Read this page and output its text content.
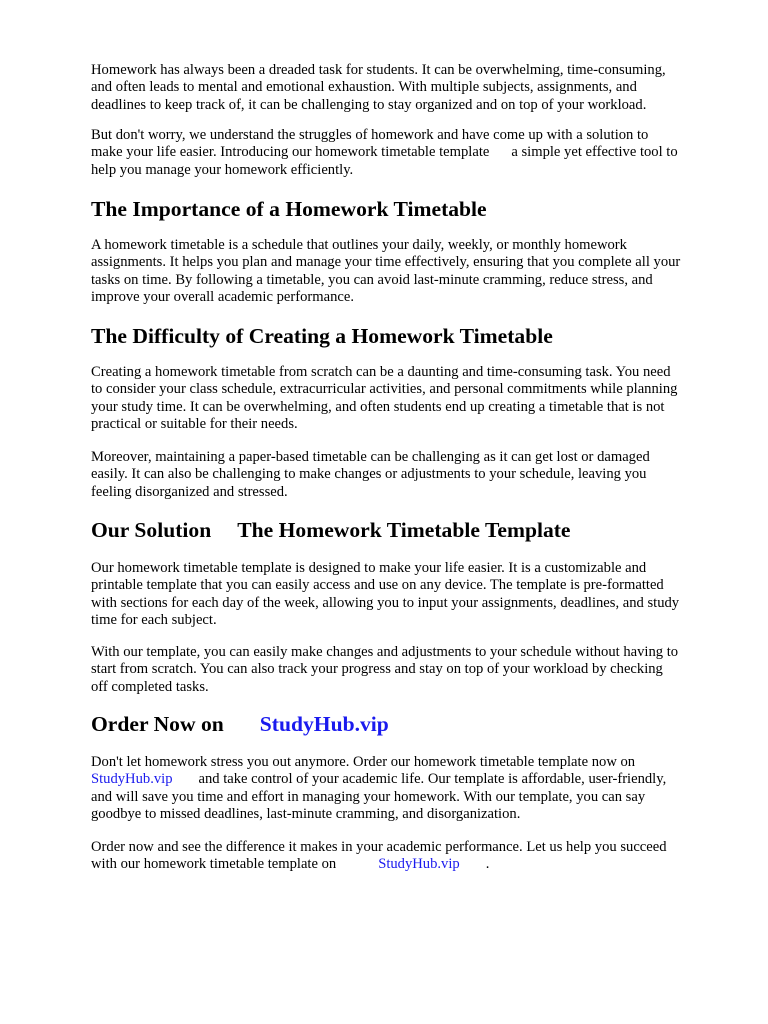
Homework has always been a dreaded task for students. It can be overwhelming, time-consuming,
and often leads to mental and emotional exhaustion. With multiple subjects, assignments, and
deadlines to keep track of, it can be challenging to stay organized and on top of your workload.

But don't worry, we understand the struggles of homework and have come up with a solution to
make your life easier. Introducing our homework timetable template a simple yet effective tool to
help you manage your homework efficiently.

The Importance of a Homework Timetable

A homework timetable is a schedule that outlines your daily, weekly, or monthly homework
assignments. It helps you plan and manage your time effectively, ensuring that you complete all your
tasks on time. By following a timetable, you can avoid last-minute cramming, reduce stress, and
improve your overall academic performance.

The Difficulty of Creating a Homework Timetable

Creating a homework timetable from scratch can be a daunting and time-consuming task. You need
to consider your class schedule, extracurricular activities, and personal commitments while planning
your study time. It can be overwhelming, and often students end up creating a timetable that is not
practical or suitable for their needs.

Moreover, maintaining a paper-based timetable can be challenging as it can get lost or damaged
easily. It can also be challenging to make changes or adjustments to your schedule, leaving you
feeling disorganized and stressed.

Our Solution The Homework Timetable Template

Our homework timetable template is designed to make your life easier. It is a customizable and
printable template that you can easily access and use on any device. The template is pre-formatted
with sections for each day of the week, allowing you to input your assignments, deadlines, and study
time for each subject.

With our template, you can easily make changes and adjustments to your schedule without having to
start from scratch. You can also track your progress and stay on top of your workload by checking
off completed tasks.

Order Now on StudyHub.vip

Don't let homework stress you out anymore. Order our homework timetable template now on
StudyHub.vip and take control of your academic life. Our template is affordable, user-friendly,
and will save you time and effort in managing your homework. With our template, you can say
goodbye to missed deadlines, last-minute cramming, and disorganization.

Order now and see the difference it makes in your academic performance. Let us help you succeed
with our homework timetable template on	StudyHub.vip .
